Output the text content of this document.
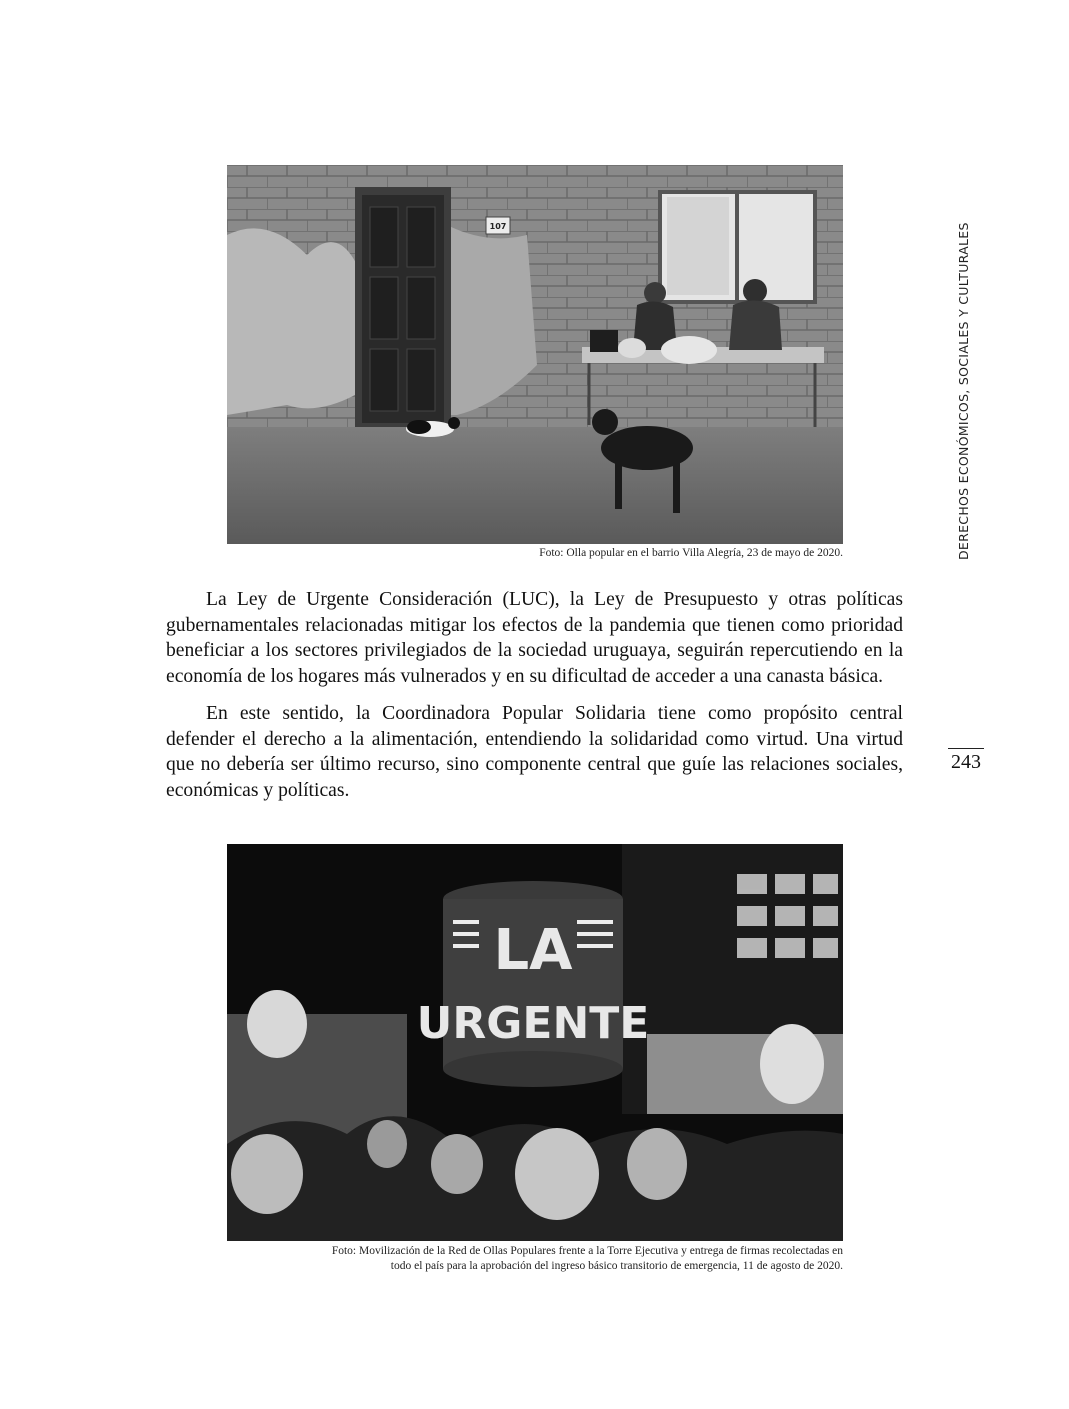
107
Foto: Olla popular en el barrio Villa Alegría, 23 de mayo de 2020.

La Ley de Urgente Consideración (LUC), la Ley de Presupuesto y otras políticas gubernamentales relacionadas mitigar los efectos de la pandemia que tienen como prioridad beneficiar a los sectores privilegiados de la sociedad uruguaya, seguirán repercutiendo en la economía de los hogares más vulnerados y en su dificultad de acceder a una canasta básica.

En este sentido, la Coordinadora Popular Solidaria tiene como propósito central defender el derecho a la alimentación, entendiendo la solidaridad como virtud. Una virtud que no debería ser último recurso, sino componente central que guíe las relaciones sociales, económicas y políticas.

LA
URGENTE
Foto: Movilización de la Red de Ollas Populares frente a la Torre Ejecutiva y entrega de firmas recolectadas en
todo el país para la aprobación del ingreso básico transitorio de emergencia, 11 de agosto de 2020.
DERECHOS ECONÓMICOS, SOCIALES Y CULTURALES
243
